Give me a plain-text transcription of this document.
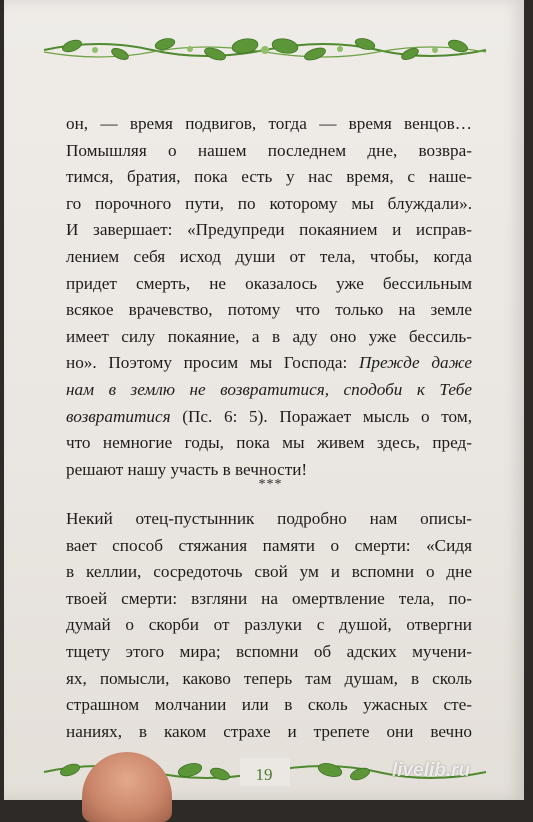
он, — время подвигов, тогда — время венцов…
Помышляя о нашем последнем дне, возвра-
тимся, братия, пока есть у нас время, с наше-
го порочного пути, по которому мы блуждали».
И завершает: «Предупреди покаянием и исправ-
лением себя исход души от тела, чтобы, когда
придет смерть, не оказалось уже бессильным
всякое врачевство, потому что только на земле
имеет силу покаяние, а в аду оно уже бессиль-
но». Поэтому просим мы Господа: Прежде даже
нам в землю не возвратитися, сподоби к Тебе
возвратитися (Пс. 6: 5). Поражает мысль о том,
что немногие годы, пока мы живем здесь, пред-
решают нашу участь в вечности!
***
Некий отец-пустынник подробно нам описы-
вает способ стяжания памяти о смерти: «Сидя
в келлии, сосредоточь свой ум и вспомни о дне
твоей смерти: взгляни на омертвление тела, по-
думай о скорби от разлуки с душой, отвергни
тщету этого мира; вспомни об адских мучени-
ях, помысли, каково теперь там душам, в сколь
страшном молчании или в сколь ужасных сте-
наниях, в каком страхе и трепете они вечно
19	livelib.ru
